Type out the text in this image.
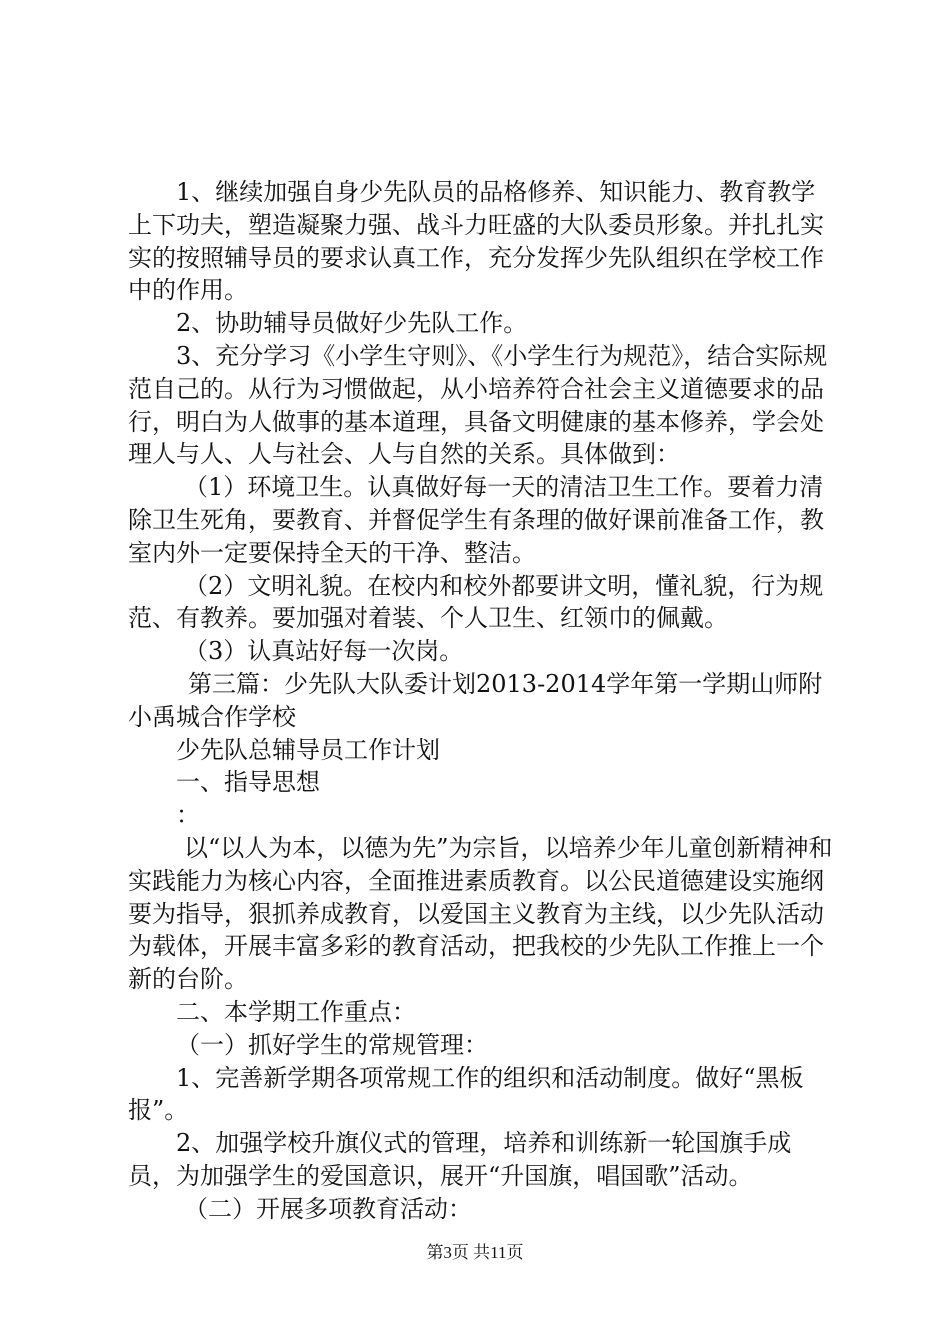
1、继续加强自身少先队员的品格修养、知识能力、教育教学上下功夫，塑造凝聚力强、战斗力旺盛的大队委员形象。并扎扎实实的按照辅导员的要求认真工作，充分发挥少先队组织在学校工作中的作用。

2、协助辅导员做好少先队工作。

3、充分学习《小学生守则》、《小学生行为规范》，结合实际规范自己的。从行为习惯做起，从小培养符合社会主义道德要求的品行，明白为人做事的基本道理，具备文明健康的基本修养，学会处理人与人、人与社会、人与自然的关系。具体做到：

（1）环境卫生。认真做好每一天的清洁卫生工作。要着力清除卫生死角，要教育、并督促学生有条理的做好课前准备工作，教室内外一定要保持全天的干净、整洁。

（2）文明礼貌。在校内和校外都要讲文明，懂礼貌，行为规范、有教养。要加强对着装、个人卫生、红领巾的佩戴。

（3）认真站好每一次岗。

第三篇：少先队大队委计划2013-2014学年第一学期山师附小禹城合作学校

少先队总辅导员工作计划

一、指导思想

：

以“以人为本，以德为先”为宗旨，以培养少年儿童创新精神和实践能力为核心内容，全面推进素质教育。以公民道德建设实施纲要为指导，狠抓养成教育，以爱国主义教育为主线，以少先队活动为载体，开展丰富多彩的教育活动，把我校的少先队工作推上一个新的台阶。

二、本学期工作重点：

（一）抓好学生的常规管理：

1、完善新学期各项常规工作的组织和活动制度。做好“黑板报”。

2、加强学校升旗仪式的管理，培养和训练新一轮国旗手成员，为加强学生的爱国意识，展开“升国旗，唱国歌”活动。

（二）开展多项教育活动：

第3页 共11页
